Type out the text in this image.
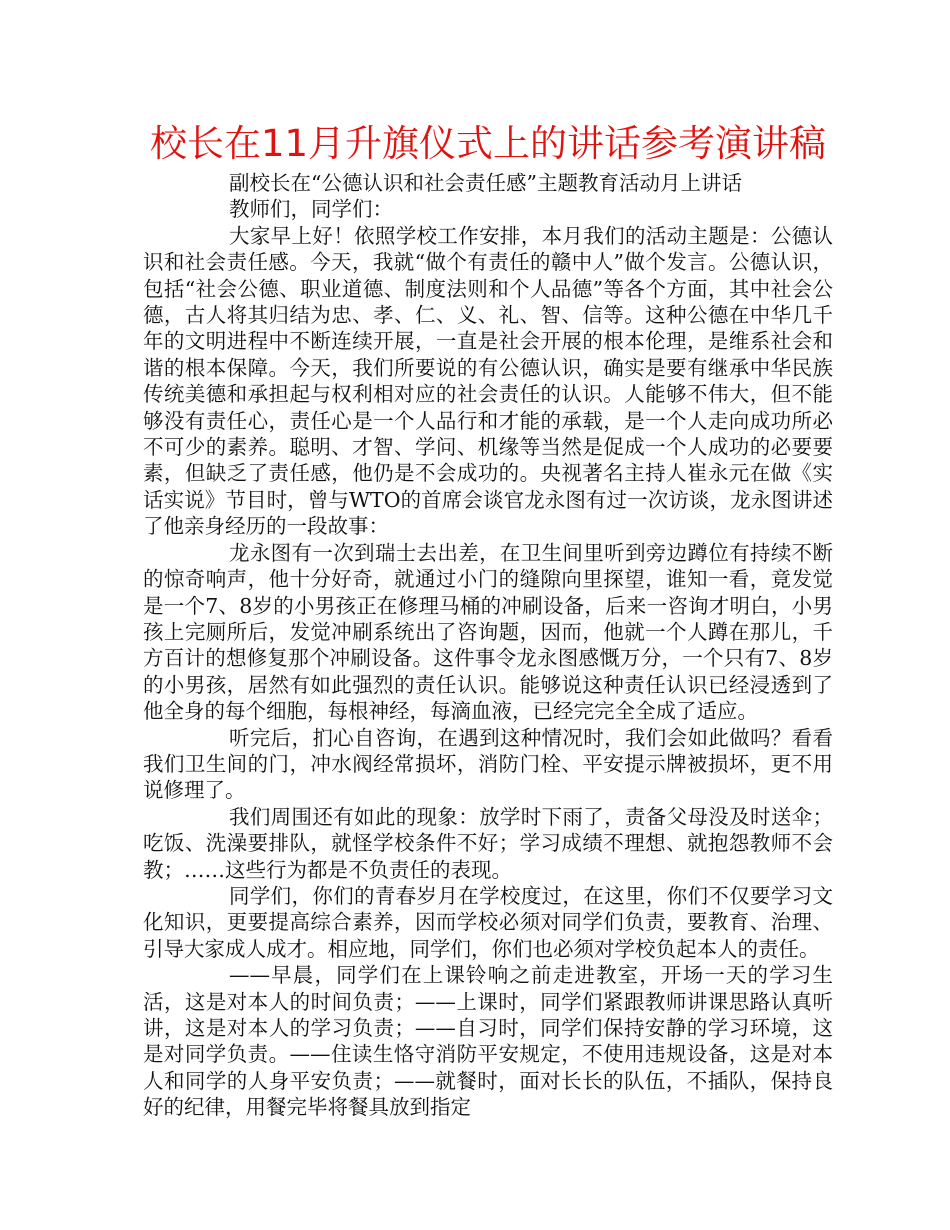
校长在11月升旗仪式上的讲话参考演讲稿

副校长在“公德认识和社会责任感”主题教育活动月上讲话

教师们，同学们：

大家早上好！依照学校工作安排，本月我们的活动主题是：公德认识和社会责任感。今天，我就“做个有责任的赣中人”做个发言。公德认识，包括“社会公德、职业道德、制度法则和个人品德”等各个方面，其中社会公德，古人将其归结为忠、孝、仁、义、礼、智、信等。这种公德在中华几千年的文明进程中不断连续开展，一直是社会开展的根本伦理，是维系社会和谐的根本保障。今天，我们所要说的有公德认识，确实是要有继承中华民族传统美德和承担起与权利相对应的社会责任的认识。人能够不伟大，但不能够没有责任心，责任心是一个人品行和才能的承载，是一个人走向成功所必不可少的素养。聪明、才智、学问、机缘等当然是促成一个人成功的必要要素，但缺乏了责任感，他仍是不会成功的。央视著名主持人崔永元在做《实话实说》节目时，曾与WTO的首席会谈官龙永图有过一次访谈，龙永图讲述了他亲身经历的一段故事：

龙永图有一次到瑞士去出差，在卫生间里听到旁边蹲位有持续不断的惊奇响声，他十分好奇，就通过小门的缝隙向里探望，谁知一看，竟发觉是一个7、8岁的小男孩正在修理马桶的冲刷设备，后来一咨询才明白，小男孩上完厕所后，发觉冲刷系统出了咨询题，因而，他就一个人蹲在那儿，千方百计的想修复那个冲刷设备。这件事令龙永图感慨万分，一个只有7、8岁的小男孩，居然有如此强烈的责任认识。能够说这种责任认识已经浸透到了他全身的每个细胞，每根神经，每滴血液，已经完完全全成了适应。

听完后，扪心自咨询，在遇到这种情况时，我们会如此做吗？看看我们卫生间的门，冲水阀经常损坏，消防门栓、平安提示牌被损坏，更不用说修理了。

我们周围还有如此的现象：放学时下雨了，责备父母没及时送伞；吃饭、洗澡要排队，就怪学校条件不好；学习成绩不理想、就抱怨教师不会教；……这些行为都是不负责任的表现。

同学们，你们的青春岁月在学校度过，在这里，你们不仅要学习文化知识，更要提高综合素养，因而学校必须对同学们负责，要教育、治理、引导大家成人成才。相应地，同学们，你们也必须对学校负起本人的责任。

——早晨，同学们在上课铃响之前走进教室，开场一天的学习生活，这是对本人的时间负责；——上课时，同学们紧跟教师讲课思路认真听讲，这是对本人的学习负责；——自习时，同学们保持安静的学习环境，这是对同学负责。——住读生恪守消防平安规定，不使用违规设备，这是对本人和同学的人身平安负责；——就餐时，面对长长的队伍，不插队，保持良好的纪律，用餐完毕将餐具放到指定
